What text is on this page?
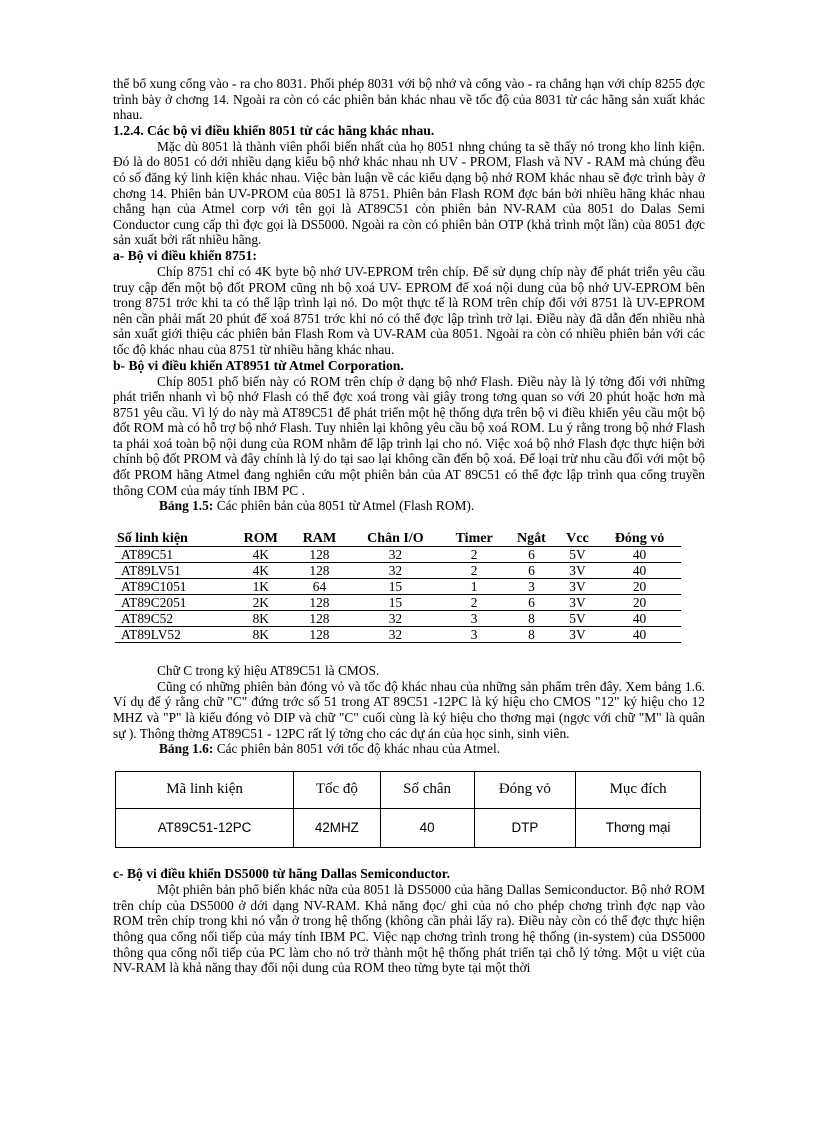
thể bổ xung cổng vào - ra cho 8031. Phối phép 8031 với bộ nhớ và cổng vào - ra chẳng hạn với chíp 8255 đợc trình bày ở chơng 14. Ngoài ra còn có các phiên bản khác nhau về tốc độ của 8031 từ các hãng sản xuất khác nhau.

1.2.4. Các bộ vi điều khiển 8051 từ các hãng khác nhau.

Mặc dù 8051 là thành viên phổi biến nhất của họ 8051 nhng chúng ta sẽ thấy nó trong kho linh kiện. Đó là do 8051 có dới nhiều dạng kiểu bộ nhớ khác nhau nh UV - PROM, Flash và NV - RAM mà chúng đều có số đăng ký linh kiện khác nhau. Việc bàn luận về các kiểu dạng bộ nhớ ROM khác nhau sẽ đợc trình bày ở chơng 14. Phiên bản UV-PROM của 8051 là 8751. Phiên bản Flash ROM đợc bán bởi nhiều hãng khác nhau chẳng hạn của Atmel corp với tên gọi là AT89C51 còn phiên bản NV-RAM của 8051 do Dalas Semi Conductor cung cấp thì đợc gọi là DS5000. Ngoài ra còn có phiên bản OTP (khả trình một lần) của 8051 đợc sản xuất bởi rất nhiều hãng.

a- Bộ vi điều khiển 8751:

Chíp 8751 chỉ có 4K byte bộ nhớ UV-EPROM trên chíp. Để sử dụng chíp này để phát triển yêu cầu truy cập đến một bộ đốt PROM cũng nh bộ xoá UV- EPROM để xoá nội dung của bộ nhớ UV-EPROM bên trong 8751 trớc khi ta có thể lập trình lại nó. Do một thực tế là ROM trên chíp đối với 8751 là UV-EPROM nên cần phải mất 20 phút để xoá 8751 trớc khi nó có thể đợc lập trình trở lại. Điều này đã dẫn đến nhiều nhà sản xuất giới thiệu các phiên bản Flash Rom và UV-RAM của 8051. Ngoài ra còn có nhiều phiên bản với các tốc độ khác nhau của 8751 từ nhiều hãng khác nhau.

b- Bộ vi điều khiển AT8951 từ Atmel Corporation.

Chíp 8051 phổ biến này có ROM trên chíp ở dạng bộ nhớ Flash. Điều này là lý tởng đối với những phát triển nhanh vì bộ nhớ Flash có thể đợc xoá trong vài giây trong tơng quan so với 20 phút hoặc hơn mà 8751 yêu cầu. Vì lý do này mà AT89C51 để phát triển một hệ thống dựa trên bộ vi điều khiển yêu cầu một bộ đốt ROM mà có hỗ trợ bộ nhớ Flash. Tuy nhiên lại không yêu cầu bộ xoá ROM. Lu ý rằng trong bộ nhớ Flash ta phải xoá toàn bộ nội dung của ROM nhằm để lập trình lại cho nó. Việc xoá bộ nhớ Flash đợc thực hiện bởi chính bộ đốt PROM và đây chính là lý do tại sao lại không cần đến bộ xoá. Để loại trừ nhu cầu đối với một bộ đốt PROM hãng Atmel đang nghiên cứu một phiên bản của AT 89C51 có thể đợc lập trình qua cổng truyền thông COM của máy tính IBM PC .

Bảng 1.5: Các phiên bản của 8051 từ Atmel (Flash ROM).

Số linh kiện	ROM	RAM	Chân I/O	Timer	Ngắt	Vcc	Đóng vỏ
AT89C51	4K	128	32	2	6	5V	40
AT89LV51	4K	128	32	2	6	3V	40
AT89C1051	1K	64	15	1	3	3V	20
AT89C2051	2K	128	15	2	6	3V	20
AT89C52	8K	128	32	3	8	5V	40
AT89LV52	8K	128	32	3	8	3V	40

Chữ C trong ký hiệu AT89C51 là CMOS.

Cũng có những phiên bản đóng vỏ và tốc độ khác nhau của những sản phẩm trên đây. Xem bảng 1.6. Ví dụ để ý rằng chữ "C" đứng trớc số 51 trong AT 89C51 -12PC là ký hiệu cho CMOS "12" ký hiệu cho 12 MHZ và "P" là kiểu đóng vỏ DIP và chữ "C" cuối cùng là ký hiệu cho thơng mại (ngợc với chữ "M" là quân sự ). Thông thờng AT89C51 - 12PC rất lý tởng cho các dự án của học sinh, sinh viên.

Bảng 1.6: Các phiên bản 8051 với tốc độ khác nhau của Atmel.

Mã linh kiện	Tốc độ	Số chân	Đóng vỏ	Mục đích
AT89C51-12PC	42MHZ	40	DTP	Thơng mại
c- Bộ vi điều khiển DS5000 từ hãng Dallas Semiconductor.

Một phiên bản phổ biến khác nữa của 8051 là DS5000 của hãng Dallas Semiconductor. Bộ nhớ ROM trên chíp của DS5000 ở dới dạng NV-RAM. Khả năng đọc/ ghi của nó cho phép chơng trình đợc nạp vào ROM trên chíp trong khi nó vẫn ở trong hệ thống (không cần phải lấy ra). Điều này còn có thể đợc thực hiện thông qua cổng nối tiếp của máy tính IBM PC. Việc nạp chơng trình trong hệ thống (in-system) của DS5000 thông qua cổng nối tiếp của PC làm cho nó trở thành một hệ thống phát triển tại chỗ lý tởng. Một u việt của NV-RAM là khả năng thay đổi nội dung của ROM theo từng byte tại một thời
